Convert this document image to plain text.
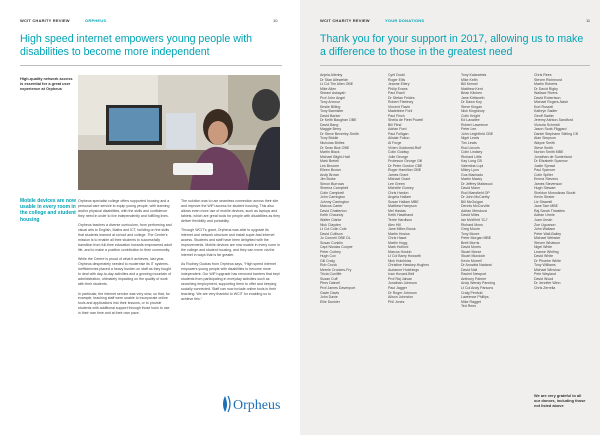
WCIT CHARITY REVIEW	ORPHEUS	10
High speed internet empowers young people with disabilities to become more independent
High-quality network access is essential for a great user experience at Orpheus
Mobile devices are now usable in every room in the college and student housing

Orpheus specialist college offers supported housing and a personal care service to equip young people, with learning and/or physical disabilities, with the skills and confidence they need in order to live independently and fulfilling lives.

Orpheus teaches a diverse curriculum, from performing and visual arts to English, Maths and ICT, building on the skills that students learned at school and college. The Centre's mission is to enable all their students to successfully transition from full-time education towards empowered adult life, and to make a positive contribution to their community.

While the Centre is proud of what it achieves, last year, Orpheus desperately needed to modernise its IT systems. Inefficiencies placed a heavy burden on staff as they fought to deal with day-to-day activities and a growing mountain of administration, ultimately impacting on the quality of work with their students.

In particular, the internet service was very slow, so that, for example, teaching staff were unable to incorporate online tools and applications into their lessons, or to provide students with additional support through those tools to use in their own time and at their own pace.

The solution was to use seamless connection across their site and improve the WiFi access for student housing. This also allows even more use of mobile devices, such as laptops and tablets, which are great tools for people with disabilities as they deliver flexibility and portability.

Through WCIT's grant, Orpheus was able to upgrade its internet and network structure and install super-fast internet access. Students and staff have been delighted with the improvements. Mobile devices are now usable in every room in the college and student housing, and they can move via the internet in ways that is far greater.

As Rodney Gudras from Orpheus says, "High speed internet empowers young people with disabilities to become more independent. Our WiFi upgrade has removed barriers that kept students from participating in everyday activities such as searching employment, supporting them to offer and keeping socially connected. Staff can now include online tools in their teaching. We are very thankful to WCIT for enabling us to achieve this."

Orpheus
WCIT CHARITY REVIEW	YOUR DONATIONS	11
Thank you for your support in 2017, allowing us to make a difference to those in the greatest need
Anjela Allenby
Dr Stan Allewelde
Lt Col Tim Allen OBE
Mike Allen
Shirani Askayah
Prof John Angel
Tony Armour
Kirstie Billing
Tony Bannister
David Barker
Dr Keith Baughan OBE
David Bang
Maggie Berry
Dr Steve Beverley-Smith
Tony Biddle
Nicholas Birtles
Dr Sean Bick OBE
Martin Black
Michael Blight-Hatt
Mark Bretell
Les Broome
Eileen Brown
Andy Brown
Jim Burke
Simon Burrows
Sheena Campbell
Colin Campbell
John Carrington
Johnny Carrington
Marcus Carter
David Chatterton
Keith Chaundy
Walter Clarke
Nick Clayden
Lt Col Colin Cole
David Collison
Jo Connell OBE DL
Susan Conklin
Capt Nicolas Cooper
Peter Corbey
Hugh Cox
Gill Craig
Rob Crook
Merele Crookes-Fry
Tricia Cunliffe
Susan Cuff
Piers Dalnell
Prof James Davenport
Gavin Davis
John Davie
Ellie Dunkler
Cyril Dodd
Roger Ellis
Jeanne Ellery
Philip Evans
Paul Ewell
Dr Stefan Feldes
Robert Fleetney
Vincent Flavin
Madeleine Fohl
Paul Finch
Sheila de Fleet Powell
Bill Flind
Adrian Ford
Paul Fulligan
Alistair Fulton
Al Forge
Vivien Goldsmid-Ruff
Colin Goldwy
Julie George
Professor George Gill
Dr Peter Gordon CBE
Roger Hamilton OBE
James Grant
Michael Grant
Lee Green
Michelle Gurney
Chris Hanlon
Angela Hallam
Susan Hallam MBE
Matthew Harryson
Mel Hastas
Keith Hawthand
Terrie Hardison
Alex Hill
Jane Miller-Brook
Martin Hosius
Chris Hawd
Martin Hogg
Mark Holford
Marcus Hoskin
Lt Col Barry Howarth
Nick Hotchkiss
Christine Hawkey-Hughes
Aurianne Hutchings
Ivan Hovard-Bell
Prof Raj Jaivan
Jonathan Johnson
Paul Jagger
Dr Roger Johnson
Alison Johnston
Phil Jones
Tony Kalaratmis
Mike Keith
Bill Kennel
Matthew Kent
Brian Kitchen
Jane Kirtlworth
Dr Dawn Koy
Steve Kingan
Nick Kingsbury
Colin Knight
Ed Lavallee
Robert Lawrence
Peter Lee
John Leighfield CBE
Nigel Lewis
Tim Lewis
Rod Lincoln
Colin Lindsey
Richard Little
Kay Long CB
Valentina Lupi
Mikey Lyon
Gus Machado
Martin Macky
Dr Jeffrey Maltwood
David Mann
Rod Mansfield OP
Dr John McCarthy
Bill McGuigan
Dennis McCorville
Adrian Mendoza
David Miles
Ian McWhirt 'ICJ'
Richard Mons
Greg Moore
Tony Moore
Peter Morgan MBE
Brett Morris
David Morris
Stuart Morse
Stuart Murdoch
Kevin Murrell
Dr Anowita Nadarai
David Nall
Rachel Newport
Anthony Palmer
Andy Wendy Panning
Lt Col Andy Parsons
Craig Penfold
Lawrence Phillips
Mike Ragget
Ted Rees
Chris Rees
Steven Richmond
Martin Roberts
Dr David Rigby
Wallace Rivers
David Robertson
Michael Rogers-Nash
Kurt Rossell
Kathryn Sadler
Geoff Sadler
Jeremy Ashton-Sandford
Victoria Schmidt
Jason Scott-Fliggard
Daniel Stephane Stirling CB
Alan Simpson
Wayne Smith
Steve Smith
Norton Smith MBE
Jonathan de Sunterland
Dr Elizabeth Sparrow
Justin Sprawl
Paul Spencer
Colin Spiller
Emma Stevens
James Stevenson
Hugh Stewart
Sheldon Moroslinas Stoutt
Kevin Strater
Liz Strawell
Jane Tam MBE
Raj Sarah Thwaites
Adrian Urmie
Juan Urnah
Zoe Ugoanon
John Wallace
Peter Wall-Bailey
Michael Webster
Steven Whatson
Nigel White
Leanne Whiting
David White
Dr Phoebe White
Tony Williams
Michael Winslow
Pete Wayland
David Wood
Dr Jennifer Winn
Chris Zerrella
We are very grateful to all our donors, including those not listed above
